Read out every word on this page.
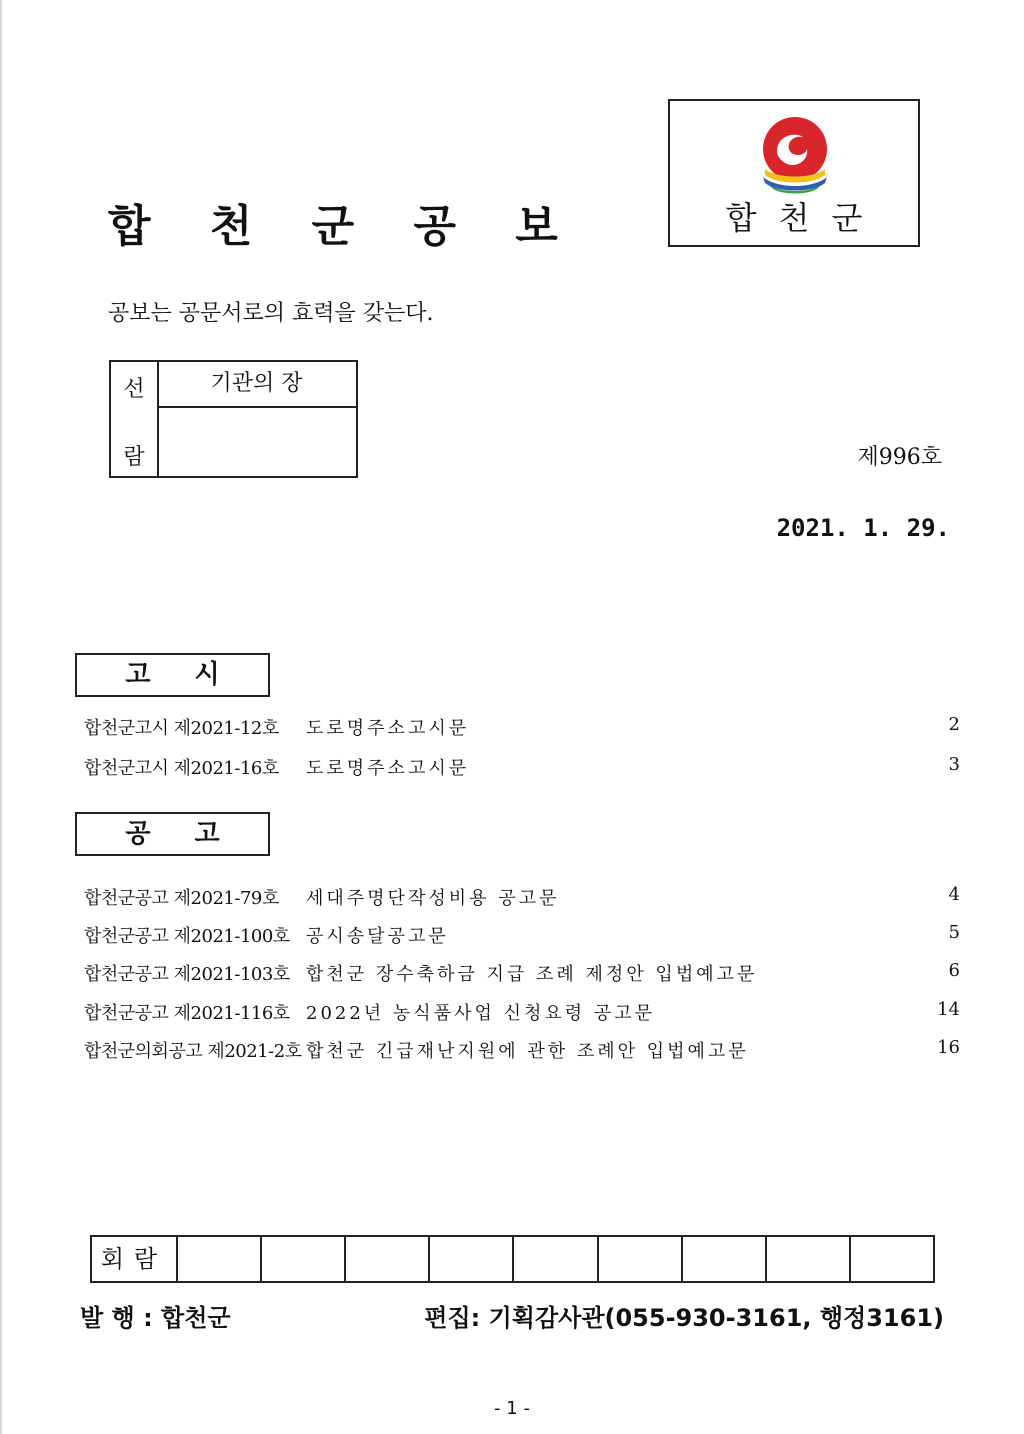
합 천 군 공 보	합천군
공보는 공문서로의 효력을 갖는다.
선
람
기관의 장
제996호
2021. 1. 29.
고시
합천군고시 제2021-12호 도로명주소고시문	2
합천군고시 제2021-16호 도로명주소고시문	3
공고
합천군공고 제2021-79호 세대주명단작성비용 공고문	4
합천군공고 제2021-100호 공시송달공고문	5
합천군공고 제2021-103호 합천군 장수축하금 지급 조례 제정안 입법예고문	6
합천군공고 제2021-116호 2022년 농식품사업 신청요령 공고문	14
합천군의회공고 제2021-2호 합천군 긴급재난지원에 관한 조례안 입법예고문	16
회람
발 행 : 합천군	편집: 기획감사관(055-930-3161, 행정3161)
- 1 -
